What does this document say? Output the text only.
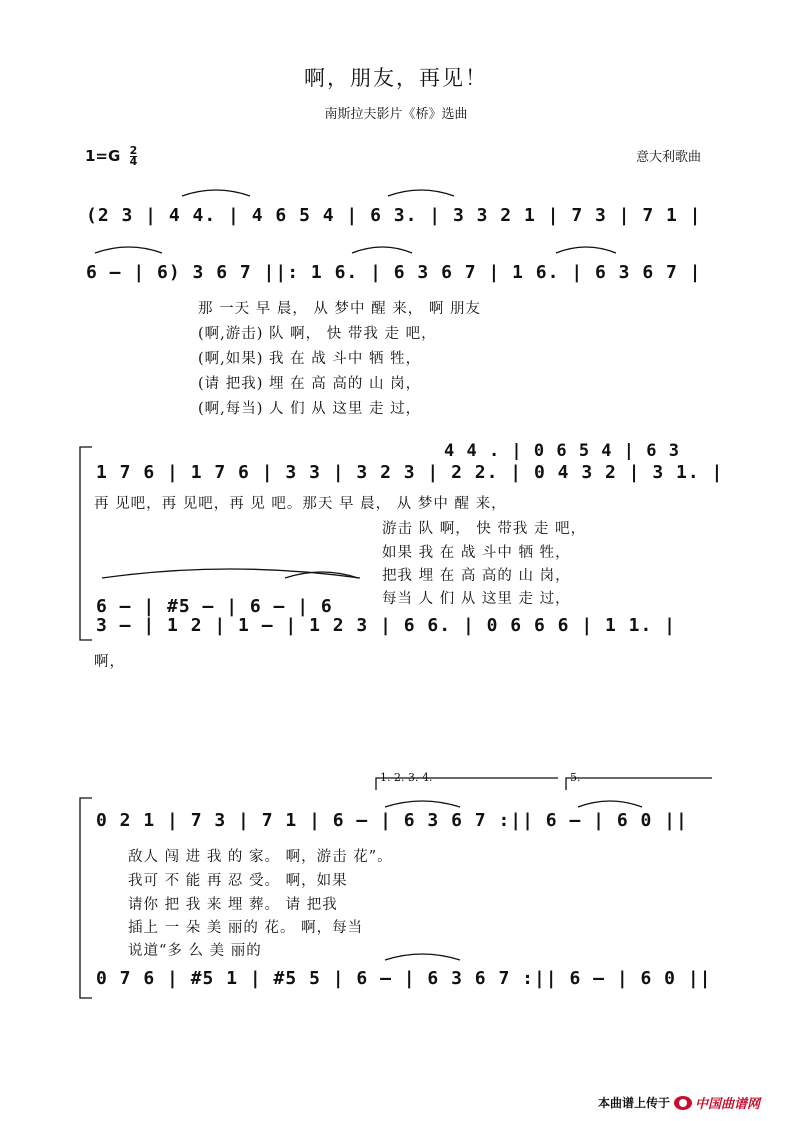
啊，朋友，再见！
南斯拉夫影片《桥》选曲
$1=G \frac{2}{4}$	意大利歌曲
(2 3 | 4 4. | 4 6 5 4 | 6 3. | 3 3 2 1 | 7 3 | 7 1 |
6 – | 6) 3 6 7 ||: 1 6. | 6 3 6 7 | 1 6. | 6 3 6 7 |
那 一天 早 晨， 从 梦中 醒 来， 啊 朋友
(啊,游击) 队 啊， 快 带我 走 吧，
(啊,如果) 我 在 战 斗中 牺 牲，
(请 把我) 埋 在 高 高的 山 岗，
(啊,每当) 人 们 从 这里 走 过，
4 4 . | 0 6 5 4 | 6 3
1 7 6 | 1 7 6 | 3 3 | 3 2 3 | 2 2. | 0 4 3 2 | 3 1. |
再 见吧，再 见吧，再 见 吧。那天 早 晨， 从 梦中 醒 来，
游击 队 啊， 快 带我 走 吧，
如果 我 在 战 斗中 牺 牲，
把我 埋 在 高 高的 山 岗，
6 – | #5 – | 6 – | 6	每当 人 们 从 这里 走 过，
3 – | 1 2 | 1 – | 1 2 3 | 6 6. | 0 6 6 6 | 1 1. |
啊，
1. 2. 3. 4.	5.
0 2 1 | 7 3 | 7 1 | 6 – | 6 3 6 7 :|| 6 – | 6 0 ||
敌人 闯 进 我 的 家。 啊，游击 花”。
我可 不 能 再 忍 受。 啊，如果
请你 把 我 来 埋 葬。 请 把我
插上 一 朵 美 丽的 花。 啊，每当
说道“多 么 美 丽的
0 7 6 | #5 1 | #5 5 | 6 – | 6 3 6 7 :|| 6 – | 6 0 ||
本曲谱上传于 中国曲谱网
